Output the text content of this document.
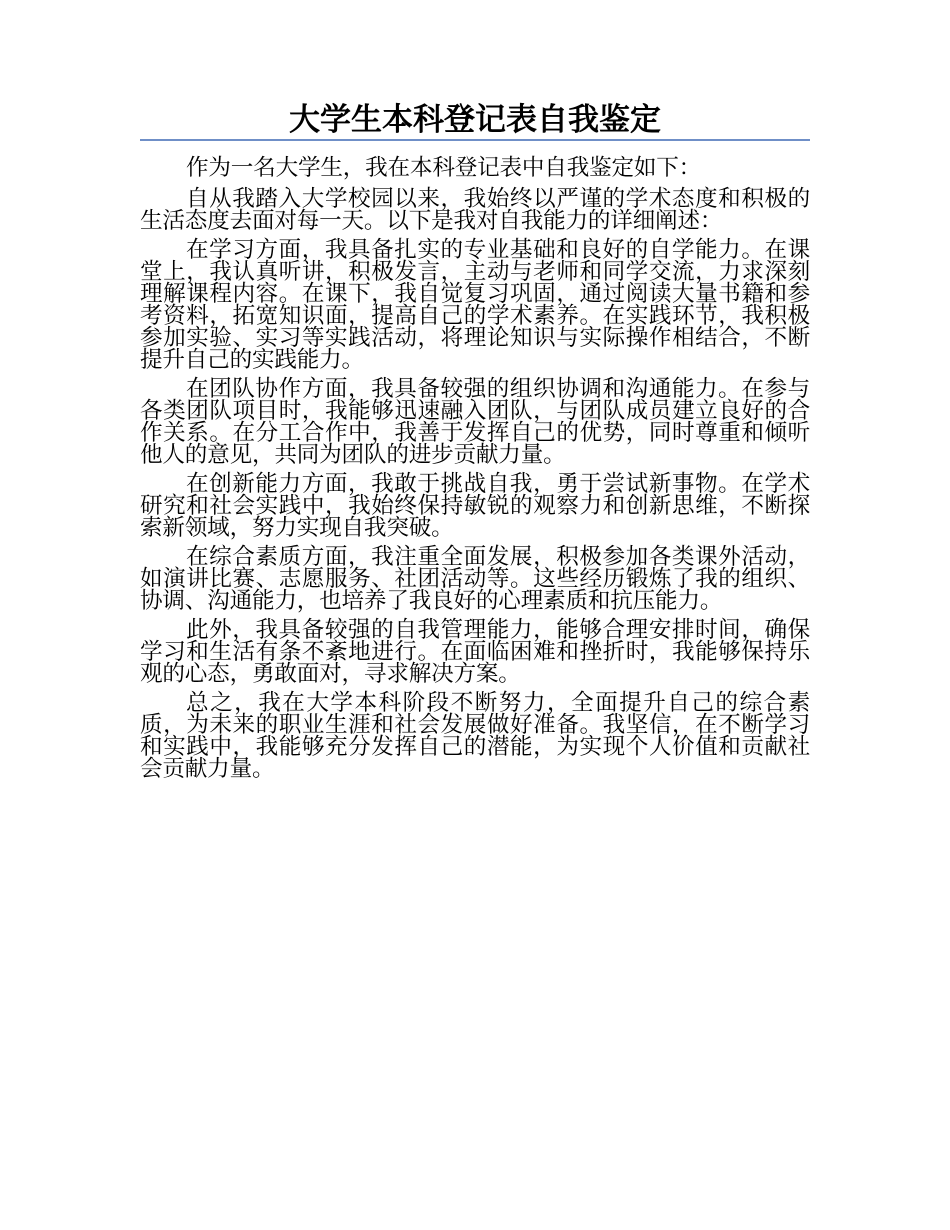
大学生本科登记表自我鉴定

作为一名大学生，我在本科登记表中自我鉴定如下：

自从我踏入大学校园以来，我始终以严谨的学术态度和积极的生活态度去面对每一天。以下是我对自我能力的详细阐述：

在学习方面，我具备扎实的专业基础和良好的自学能力。在课堂上，我认真听讲，积极发言，主动与老师和同学交流，力求深刻理解课程内容。在课下，我自觉复习巩固，通过阅读大量书籍和参考资料，拓宽知识面，提高自己的学术素养。在实践环节，我积极参加实验、实习等实践活动，将理论知识与实际操作相结合，不断提升自己的实践能力。

在团队协作方面，我具备较强的组织协调和沟通能力。在参与各类团队项目时，我能够迅速融入团队，与团队成员建立良好的合作关系。在分工合作中，我善于发挥自己的优势，同时尊重和倾听他人的意见，共同为团队的进步贡献力量。

在创新能力方面，我敢于挑战自我，勇于尝试新事物。在学术研究和社会实践中，我始终保持敏锐的观察力和创新思维，不断探索新领域，努力实现自我突破。

在综合素质方面，我注重全面发展，积极参加各类课外活动，如演讲比赛、志愿服务、社团活动等。这些经历锻炼了我的组织、协调、沟通能力，也培养了我良好的心理素质和抗压能力。

此外，我具备较强的自我管理能力，能够合理安排时间，确保学习和生活有条不紊地进行。在面临困难和挫折时，我能够保持乐观的心态，勇敢面对，寻求解决方案。

总之，我在大学本科阶段不断努力，全面提升自己的综合素质，为未来的职业生涯和社会发展做好准备。我坚信，在不断学习和实践中，我能够充分发挥自己的潜能，为实现个人价值和贡献社会贡献力量。
